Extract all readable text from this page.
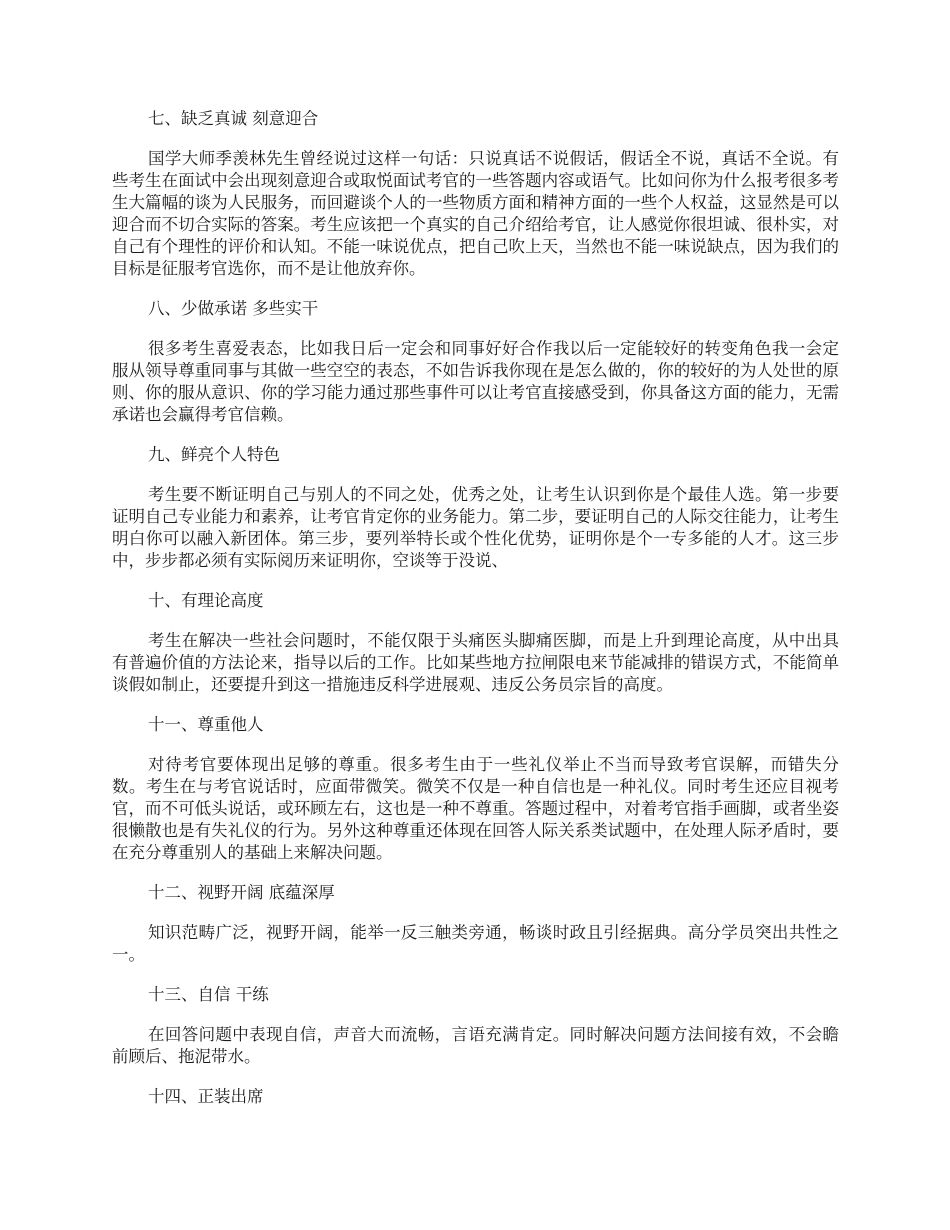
七、缺乏真诚 刻意迎合
国学大师季羡林先生曾经说过这样一句话：只说真话不说假话，假话全不说，真话不全说。有些考生在面试中会出现刻意迎合或取悦面试考官的一些答题内容或语气。比如问你为什么报考很多考生大篇幅的谈为人民服务，而回避谈个人的一些物质方面和精神方面的一些个人权益，这显然是可以迎合而不切合实际的答案。考生应该把一个真实的自己介绍给考官，让人感觉你很坦诚、很朴实，对自己有个理性的评价和认知。不能一味说优点，把自己吹上天，当然也不能一味说缺点，因为我们的目标是征服考官选你，而不是让他放弃你。
八、少做承诺 多些实干
很多考生喜爱表态，比如我日后一定会和同事好好合作我以后一定能较好的转变角色我一会定服从领导尊重同事与其做一些空空的表态，不如告诉我你现在是怎么做的，你的较好的为人处世的原则、你的服从意识、你的学习能力通过那些事件可以让考官直接感受到，你具备这方面的能力，无需承诺也会赢得考官信赖。
九、鲜亮个人特色
考生要不断证明自己与别人的不同之处，优秀之处，让考生认识到你是个最佳人选。第一步要证明自己专业能力和素养，让考官肯定你的业务能力。第二步，要证明自己的人际交往能力，让考生明白你可以融入新团体。第三步，要列举特长或个性化优势，证明你是个一专多能的人才。这三步中，步步都必须有实际阅历来证明你，空谈等于没说、
十、有理论高度
考生在解决一些社会问题时，不能仅限于头痛医头脚痛医脚，而是上升到理论高度，从中出具有普遍价值的方法论来，指导以后的工作。比如某些地方拉闸限电来节能减排的错误方式，不能简单谈假如制止，还要提升到这一措施违反科学进展观、违反公务员宗旨的高度。
十一、尊重他人
对待考官要体现出足够的尊重。很多考生由于一些礼仪举止不当而导致考官误解，而错失分数。考生在与考官说话时，应面带微笑。微笑不仅是一种自信也是一种礼仪。同时考生还应目视考官，而不可低头说话，或环顾左右，这也是一种不尊重。答题过程中，对着考官指手画脚，或者坐姿很懒散也是有失礼仪的行为。另外这种尊重还体现在回答人际关系类试题中，在处理人际矛盾时，要在充分尊重别人的基础上来解决问题。
十二、视野开阔 底蕴深厚
知识范畴广泛，视野开阔，能举一反三触类旁通，畅谈时政且引经据典。高分学员突出共性之一。
十三、自信 干练
在回答问题中表现自信，声音大而流畅，言语充满肯定。同时解决问题方法间接有效，不会瞻前顾后、拖泥带水。
十四、正装出席
